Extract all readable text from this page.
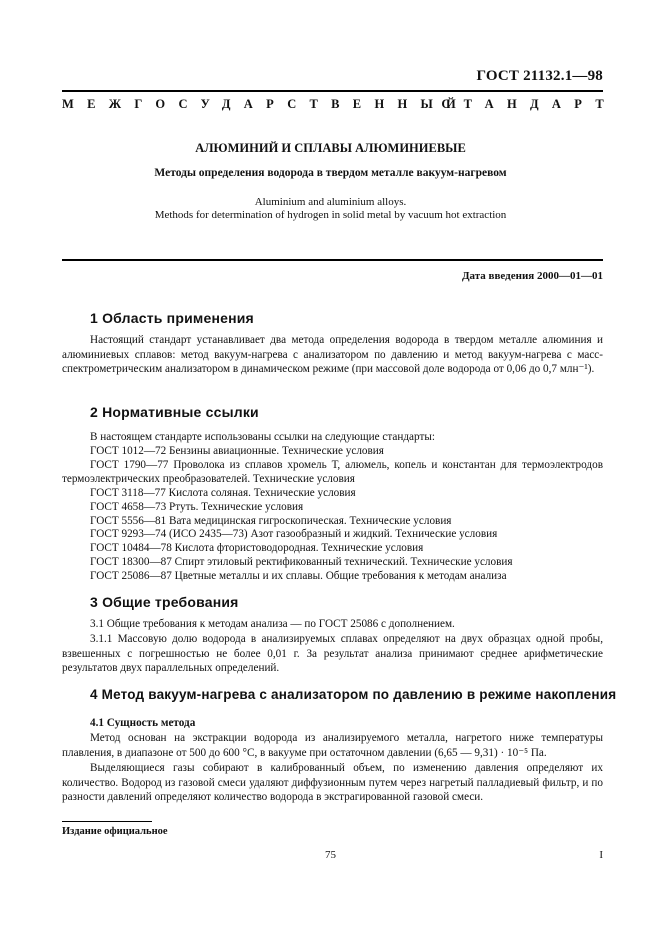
ГОСТ 21132.1—98
МЕЖГОСУДАРСТВЕННЫЙ
СТАНДАРТ
АЛЮМИНИЙ И СПЛАВЫ АЛЮМИНИЕВЫЕ
Методы определения водорода в твердом металле вакуум-нагревом
Aluminium and aluminium alloys.
Methods for determination of hydrogen in solid metal by vacuum hot extraction
Дата введения 2000—01—01
1 Область применения
Настоящий стандарт устанавливает два метода определения водорода в твердом металле алюминия и алюминиевых сплавов: метод вакуум-нагрева с анализатором по давлению и метод вакуум-нагрева с масс-спектрометрическим анализатором в динамическом режиме (при массовой доле водорода от 0,06 до 0,7 млн⁻¹).
2 Нормативные ссылки
В настоящем стандарте использованы ссылки на следующие стандарты:
ГОСТ 1012—72 Бензины авиационные. Технические условия
ГОСТ 1790—77 Проволока из сплавов хромель Т, алюмель, копель и константан для термоэлектродов термоэлектрических преобразователей. Технические условия
ГОСТ 3118—77 Кислота соляная. Технические условия
ГОСТ 4658—73 Ртуть. Технические условия
ГОСТ 5556—81 Вата медицинская гигроскопическая. Технические условия
ГОСТ 9293—74 (ИСО 2435—73) Азот газообразный и жидкий. Технические условия
ГОСТ 10484—78 Кислота фтористоводородная. Технические условия
ГОСТ 18300—87 Спирт этиловый ректификованный технический. Технические условия
ГОСТ 25086—87 Цветные металлы и их сплавы. Общие требования к методам анализа
3 Общие требования
3.1 Общие требования к методам анализа — по ГОСТ 25086 с дополнением.
3.1.1 Массовую долю водорода в анализируемых сплавах определяют на двух образцах одной пробы, взвешенных с погрешностью не более 0,01 г. За результат анализа принимают среднее арифметические результатов двух параллельных определений.
4 Метод вакуум-нагрева с анализатором по давлению в режиме накопления
4.1 Сущность метода
Метод основан на экстракции водорода из анализируемого металла, нагретого ниже температуры плавления, в диапазоне от 500 до 600 °С, в вакууме при остаточном давлении (6,65 — 9,31) · 10⁻⁵ Па.
Выделяющиеся газы собирают в калиброванный объем, по изменению давления определяют их количество. Водород из газовой смеси удаляют диффузионным путем через нагретый палладиевый фильтр, и по разности давлений определяют количество водорода в экстрагированной газовой смеси.
Издание официальное
75	I
